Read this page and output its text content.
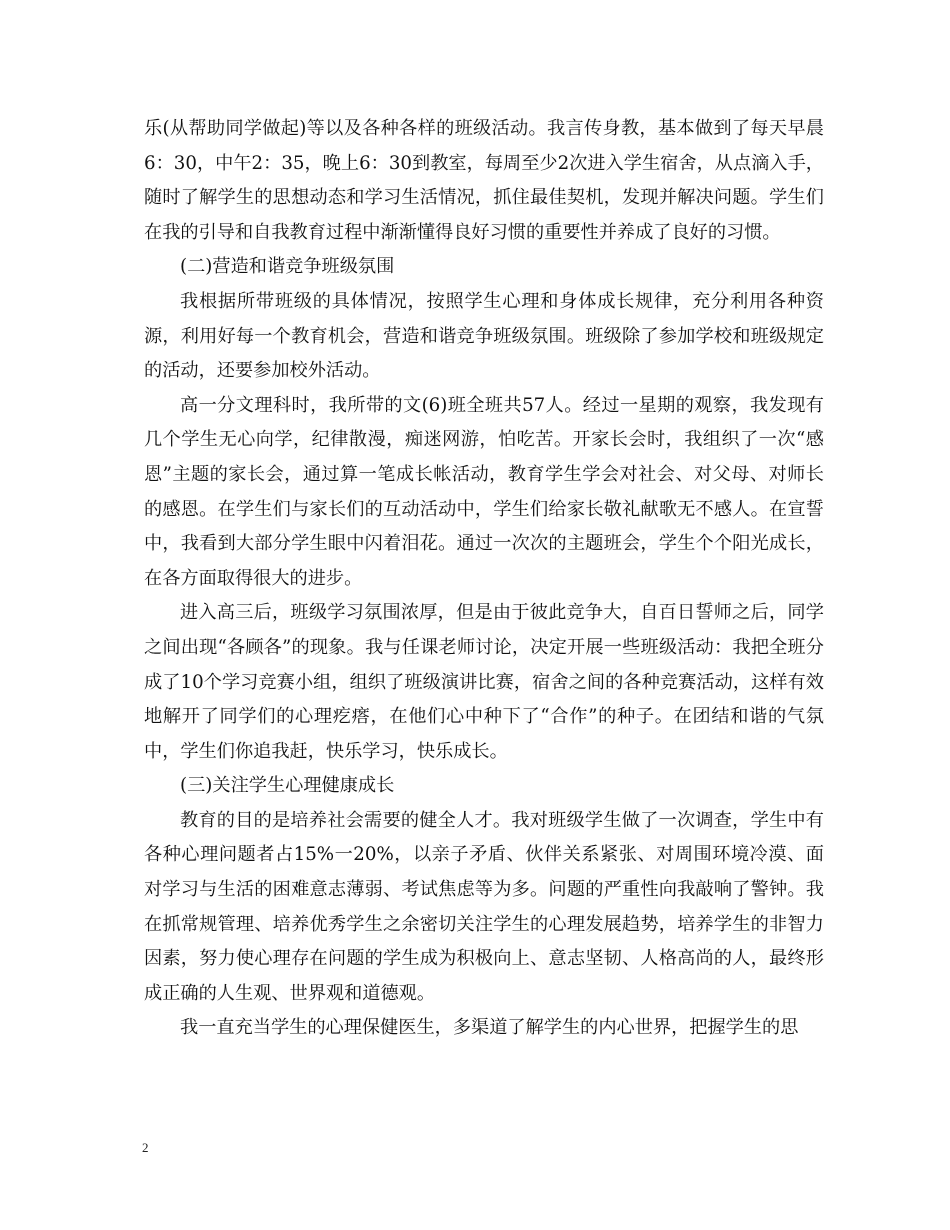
乐(从帮助同学做起)等以及各种各样的班级活动。我言传身教，基本做到了每天早晨6：30，中午2：35，晚上6：30到教室，每周至少2次进入学生宿舍，从点滴入手，随时了解学生的思想动态和学习生活情况，抓住最佳契机，发现并解决问题。学生们在我的引导和自我教育过程中渐渐懂得良好习惯的重要性并养成了良好的习惯。

(二)营造和谐竞争班级氛围

我根据所带班级的具体情况，按照学生心理和身体成长规律，充分利用各种资源，利用好每一个教育机会，营造和谐竞争班级氛围。班级除了参加学校和班级规定的活动，还要参加校外活动。

高一分文理科时，我所带的文(6)班全班共57人。经过一星期的观察，我发现有几个学生无心向学，纪律散漫，痴迷网游，怕吃苦。开家长会时，我组织了一次“感恩”主题的家长会，通过算一笔成长帐活动，教育学生学会对社会、对父母、对师长的感恩。在学生们与家长们的互动活动中，学生们给家长敬礼献歌无不感人。在宣誓中，我看到大部分学生眼中闪着泪花。通过一次次的主题班会，学生个个阳光成长，在各方面取得很大的进步。

进入高三后，班级学习氛围浓厚，但是由于彼此竞争大，自百日誓师之后，同学之间出现“各顾各”的现象。我与任课老师讨论，决定开展一些班级活动：我把全班分成了10个学习竞赛小组，组织了班级演讲比赛，宿舍之间的各种竞赛活动，这样有效地解开了同学们的心理疙瘩，在他们心中种下了“合作”的种子。在团结和谐的气氛中，学生们你追我赶，快乐学习，快乐成长。

(三)关注学生心理健康成长

教育的目的是培养社会需要的健全人才。我对班级学生做了一次调查，学生中有各种心理问题者占15%一20%，以亲子矛盾、伙伴关系紧张、对周围环境冷漠、面对学习与生活的困难意志薄弱、考试焦虑等为多。问题的严重性向我敲响了警钟。我在抓常规管理、培养优秀学生之余密切关注学生的心理发展趋势，培养学生的非智力因素，努力使心理存在问题的学生成为积极向上、意志坚韧、人格高尚的人，最终形成正确的人生观、世界观和道德观。

我一直充当学生的心理保健医生，多渠道了解学生的内心世界，把握学生的思

2
